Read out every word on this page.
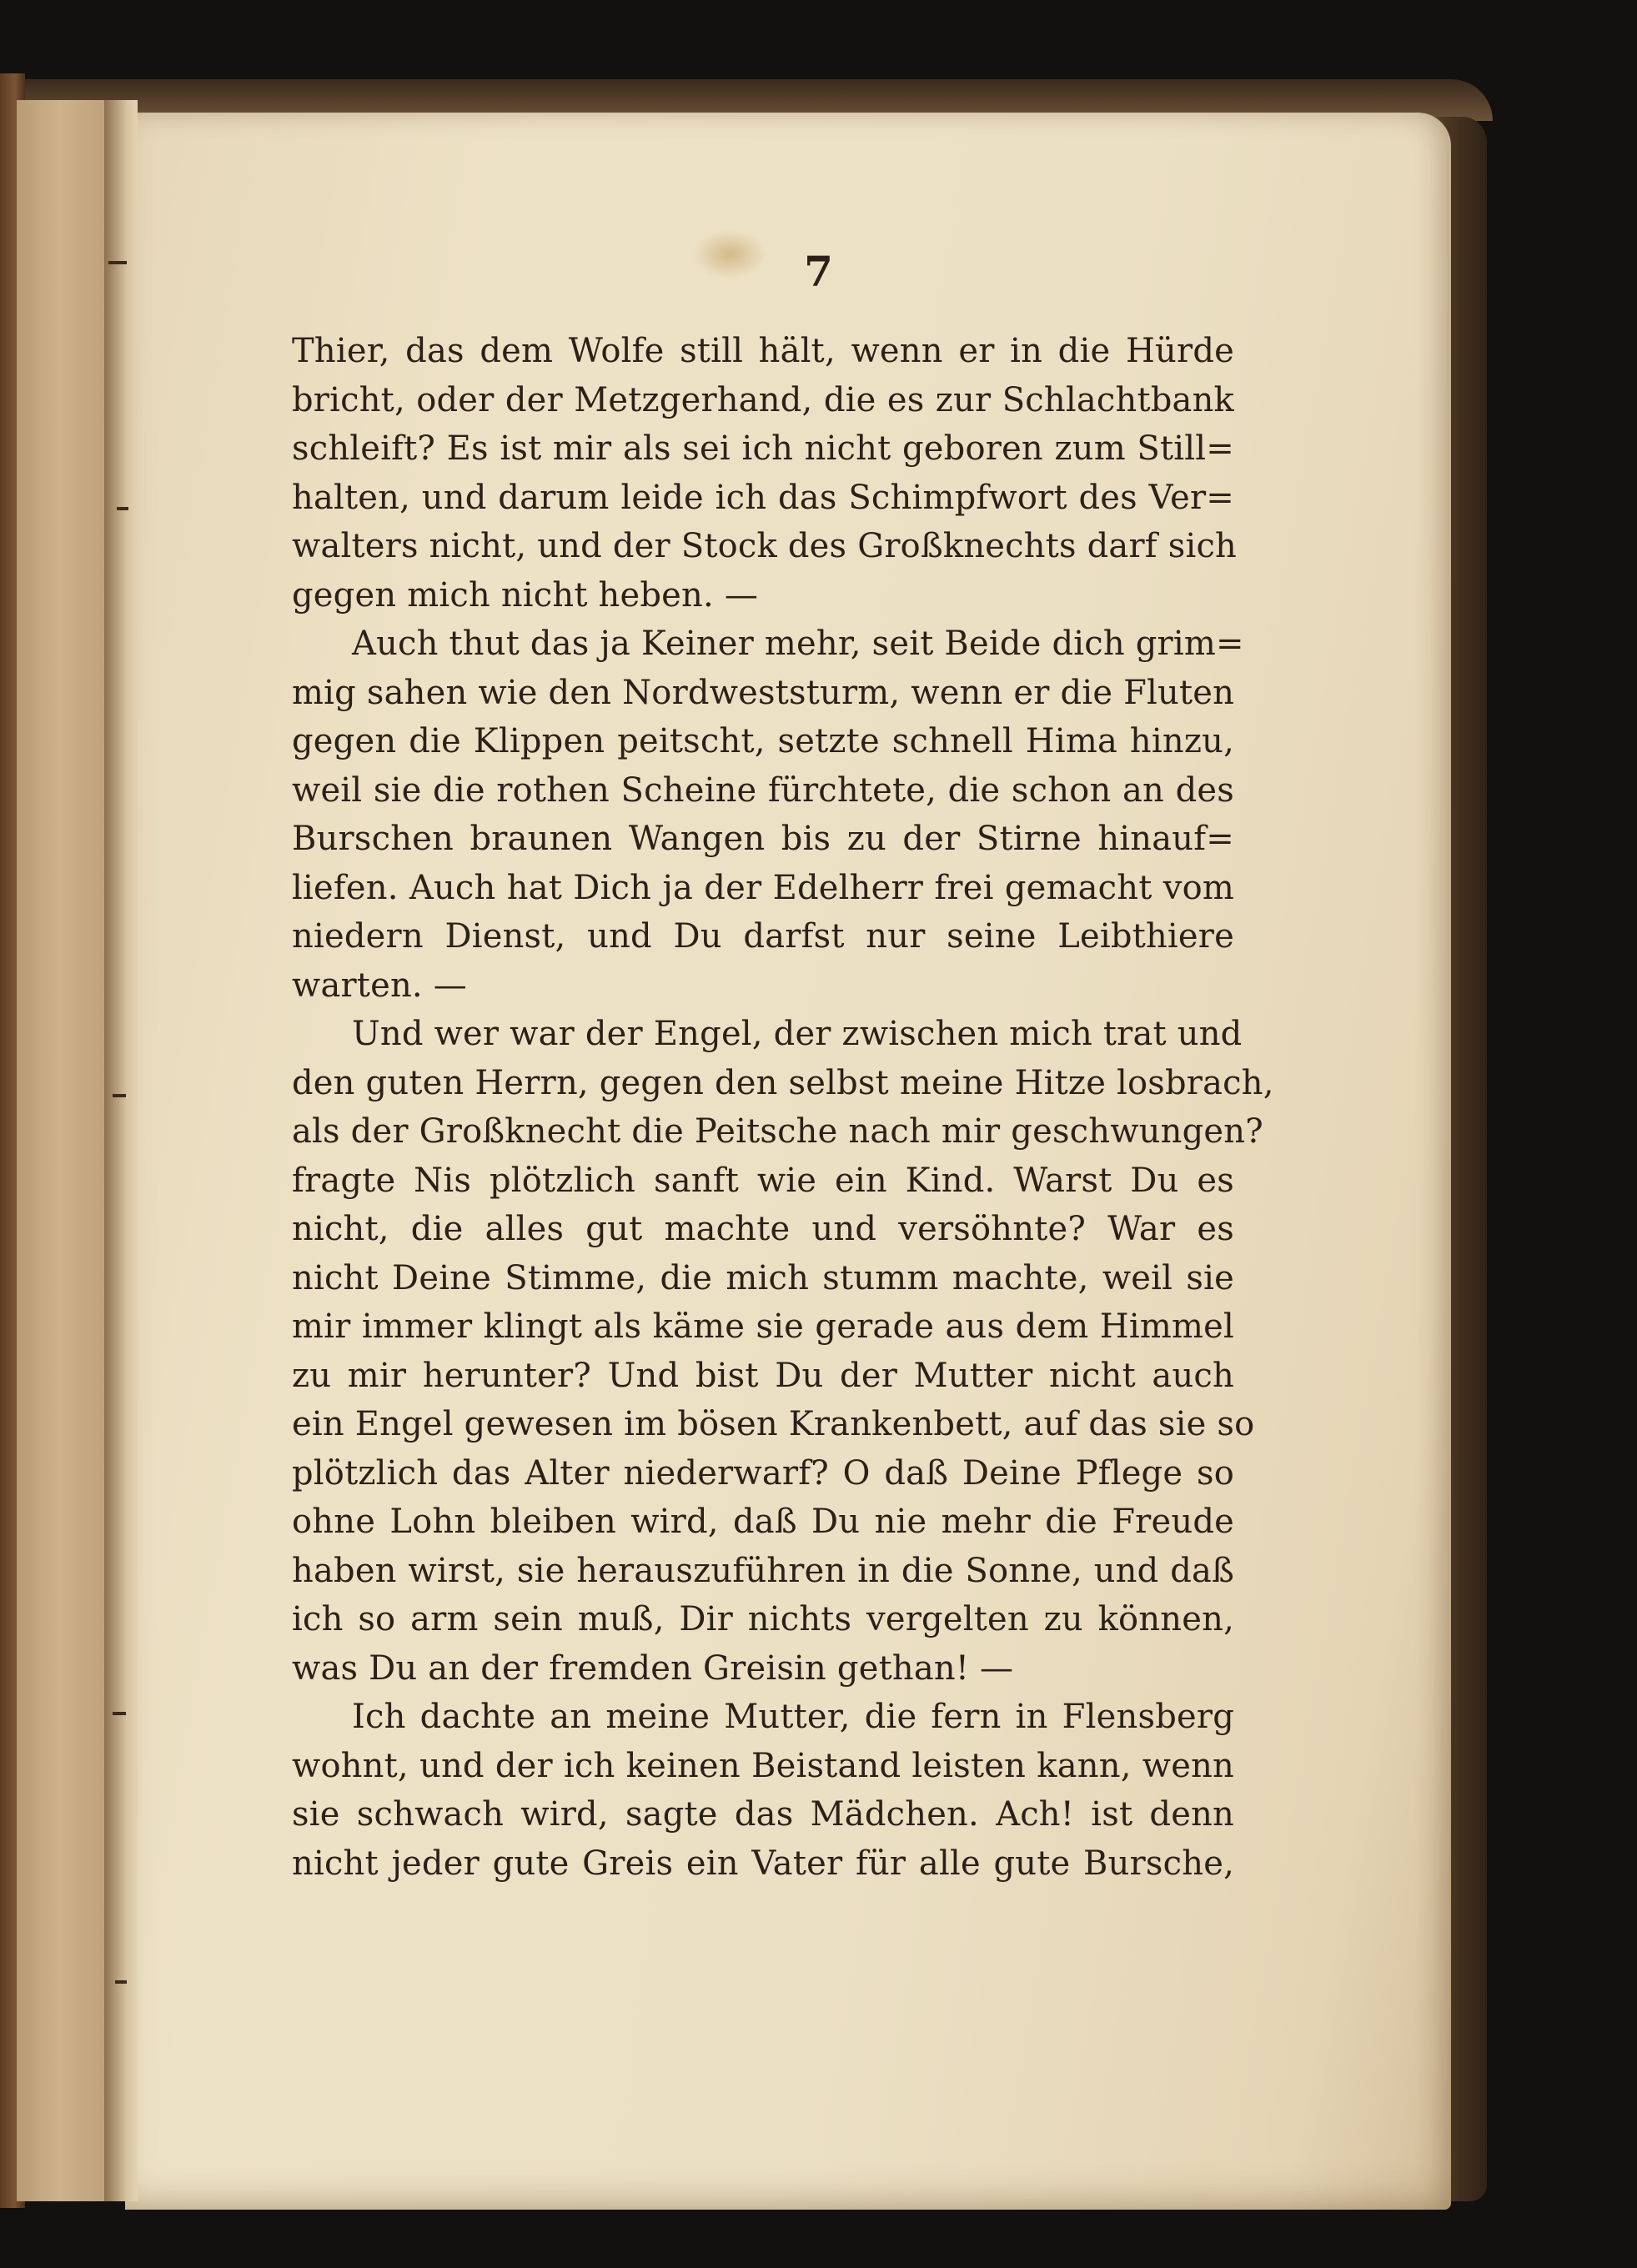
7
Thier, das dem Wolfe still hält, wenn er in die Hürde
bricht, oder der Metzgerhand, die es zur Schlachtbank
schleift? Es ist mir als sei ich nicht geboren zum Still=
halten, und darum leide ich das Schimpfwort des Ver=
walters nicht, und der Stock des Großknechts darf sich
gegen mich nicht heben. —
Auch thut das ja Keiner mehr, seit Beide dich grim=
mig sahen wie den Nordweststurm, wenn er die Fluten
gegen die Klippen peitscht, setzte schnell Hima hinzu,
weil sie die rothen Scheine fürchtete, die schon an des
Burschen braunen Wangen bis zu der Stirne hinauf=
liefen. Auch hat Dich ja der Edelherr frei gemacht vom
niedern Dienst, und Du darfst nur seine Leibthiere
warten. —
Und wer war der Engel, der zwischen mich trat und
den guten Herrn, gegen den selbst meine Hitze losbrach,
als der Großknecht die Peitsche nach mir geschwungen?
fragte Nis plötzlich sanft wie ein Kind. Warst Du es
nicht, die alles gut machte und versöhnte? War es
nicht Deine Stimme, die mich stumm machte, weil sie
mir immer klingt als käme sie gerade aus dem Himmel
zu mir herunter? Und bist Du der Mutter nicht auch
ein Engel gewesen im bösen Krankenbett, auf das sie so
plötzlich das Alter niederwarf? O daß Deine Pflege so
ohne Lohn bleiben wird, daß Du nie mehr die Freude
haben wirst, sie herauszuführen in die Sonne, und daß
ich so arm sein muß, Dir nichts vergelten zu können,
was Du an der fremden Greisin gethan! —
Ich dachte an meine Mutter, die fern in Flensberg
wohnt, und der ich keinen Beistand leisten kann, wenn
sie schwach wird, sagte das Mädchen. Ach! ist denn
nicht jeder gute Greis ein Vater für alle gute Bursche,
